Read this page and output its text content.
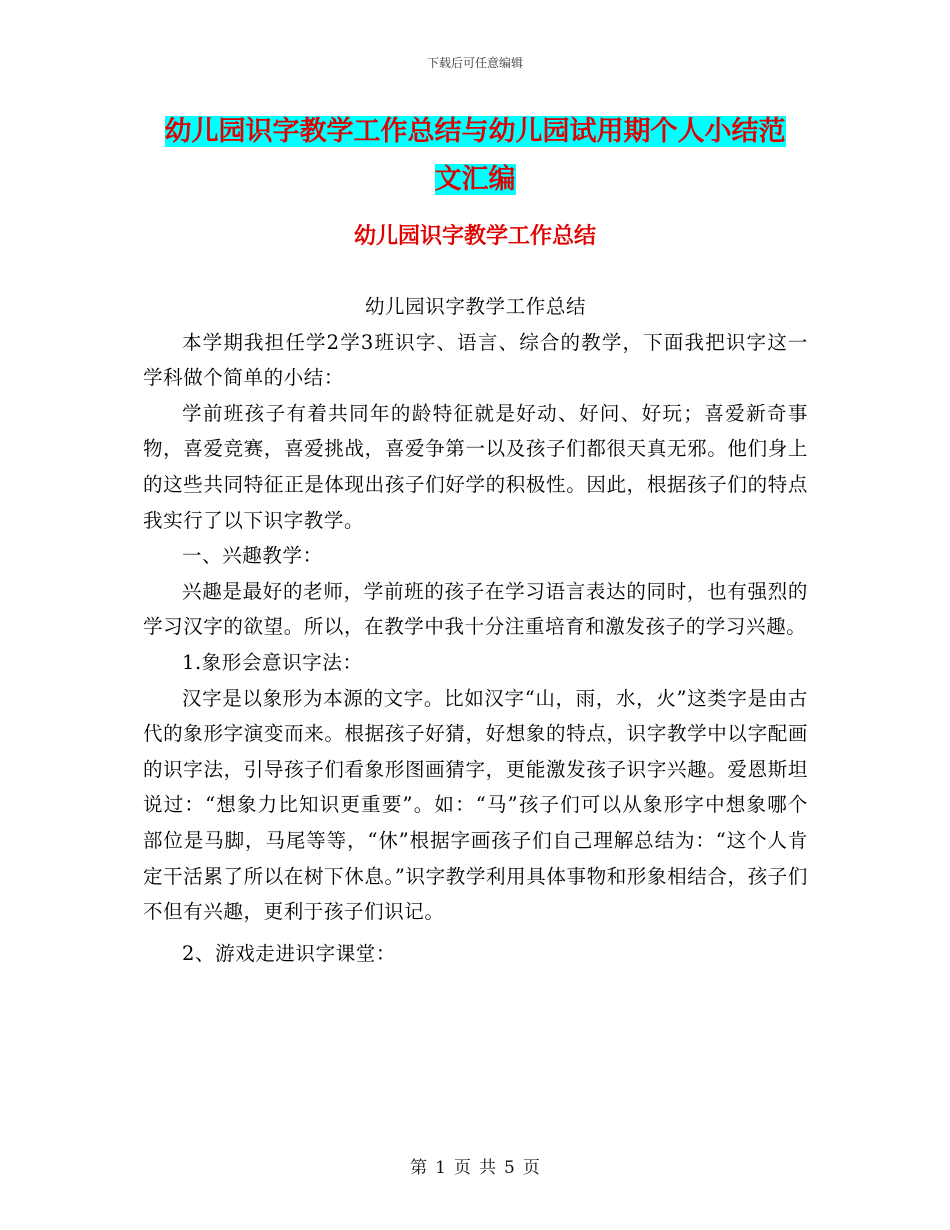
下载后可任意编辑
幼儿园识字教学工作总结与幼儿园试用期个人小结范
文汇编
幼儿园识字教学工作总结

幼儿园识字教学工作总结

本学期我担任学2学3班识字、语言、综合的教学，下面我把识字这一学科做个简单的小结：

学前班孩子有着共同年的龄特征就是好动、好问、好玩；喜爱新奇事物，喜爱竞赛，喜爱挑战，喜爱争第一以及孩子们都很天真无邪。他们身上的这些共同特征正是体现出孩子们好学的积极性。因此，根据孩子们的特点我实行了以下识字教学。

一、兴趣教学：

兴趣是最好的老师，学前班的孩子在学习语言表达的同时，也有强烈的学习汉字的欲望。所以，在教学中我十分注重培育和激发孩子的学习兴趣。

1.象形会意识字法：

汉字是以象形为本源的文字。比如汉字“山，雨，水，火”这类字是由古代的象形字演变而来。根据孩子好猜，好想象的特点，识字教学中以字配画的识字法，引导孩子们看象形图画猜字，更能激发孩子识字兴趣。爱恩斯坦说过：“想象力比知识更重要”。如：“马”孩子们可以从象形字中想象哪个部位是马脚，马尾等等，“休”根据字画孩子们自己理解总结为：“这个人肯定干活累了所以在树下休息。”识字教学利用具体事物和形象相结合，孩子们不但有兴趣，更利于孩子们识记。

2、游戏走进识字课堂：

第 1 页 共 5 页
